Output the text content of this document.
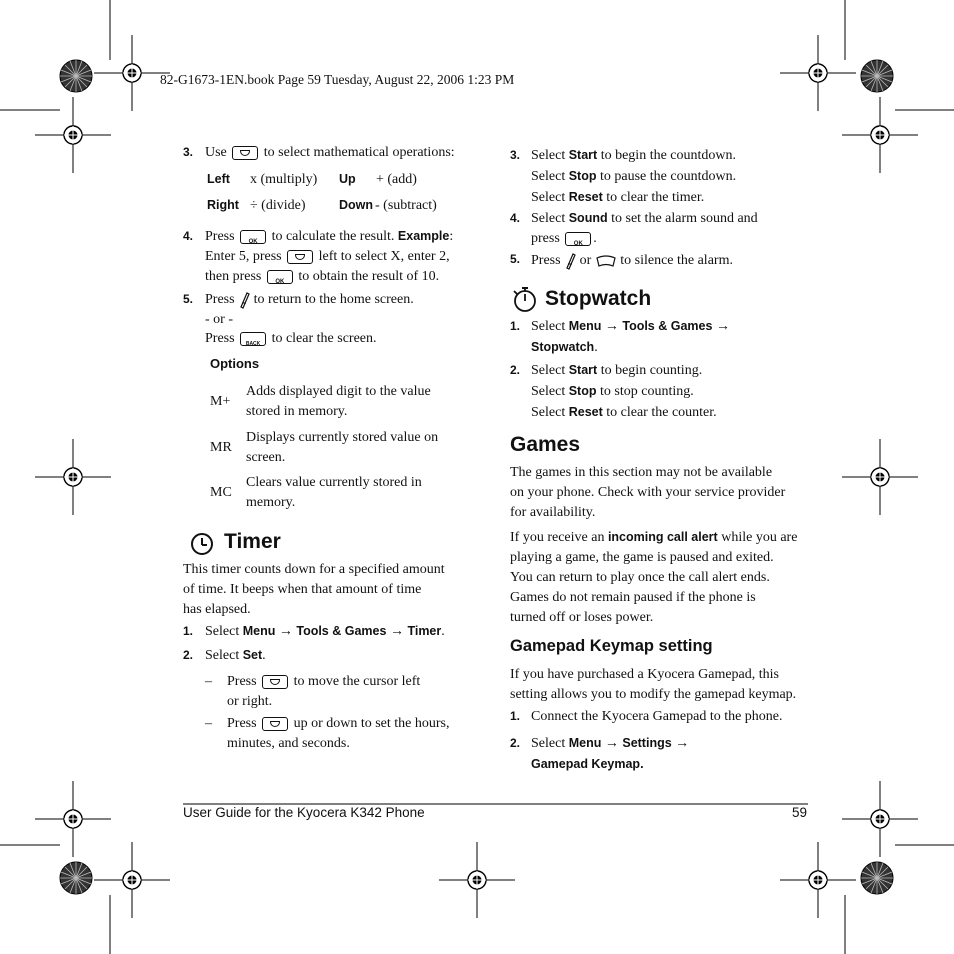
82-G1673-1EN.book Page 59 Tuesday, August 22, 2006 1:23 PM
3. Use	to select mathematical operations:
Left x (multiply) Up + (add)
Right ÷ (divide)	Down - (subtract)
4. Press OK	to calculate the result. Example:
Enter 5, press	left to select X, enter 2,
then press OK	to obtain the result of 10.
5. Press to return to the home screen.
- or -
Press BACK	to clear the screen.
Options
M+
Adds displayed digit to the value
stored in memory.
MR
Displays currently stored value on
screen.
MC
Clears value currently stored in
memory.
Timer
This timer counts down for a specified amount
of time. It beeps when that amount of time
has elapsed.
1. Select Menu → Tools & Games → Timer.
2. Select Set.
– Press	to move the cursor left
or right.
– Press	up or down to set the hours,
minutes, and seconds.
3. Select Start to begin the countdown.
Select Stop to pause the countdown.
Select Reset to clear the timer.
4. Select Sound to set the alarm sound and
press OK .
5. Press or to silence the alarm.
Stopwatch
1. Select Menu → Tools & Games →
Stopwatch.
2. Select Start to begin counting.
Select Stop to stop counting.
Select Reset to clear the counter.
Games
The games in this section may not be available
on your phone. Check with your service provider
for availability.
If you receive an incoming call alert while you are
playing a game, the game is paused and exited.
You can return to play once the call alert ends.
Games do not remain paused if the phone is
turned off or loses power.
Gamepad Keymap setting
If you have purchased a Kyocera Gamepad, this
setting allows you to modify the gamepad keymap.
1. Connect the Kyocera Gamepad to the phone.
2. Select Menu → Settings →
Gamepad Keymap.
User Guide for the Kyocera K342 Phone	59
